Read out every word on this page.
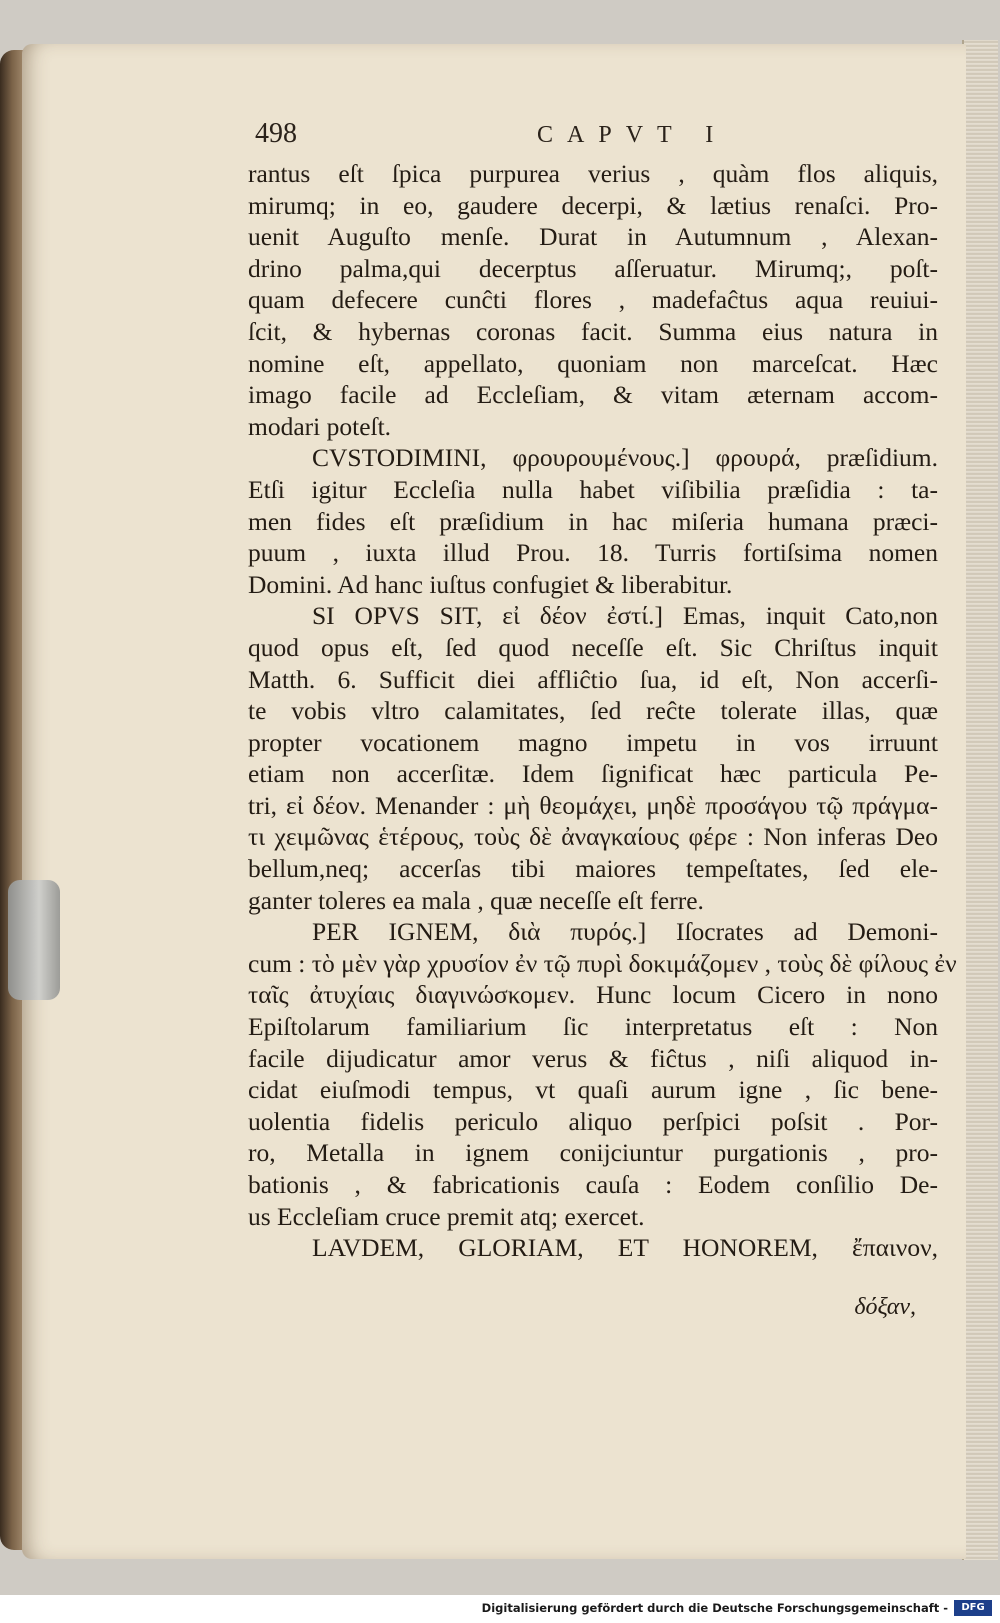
498	CAPVT I
rantus eſt ſpica purpurea verius , quàm flos aliquis,
mirumq; in eo, gaudere decerpi, & lætius renaſci. Pro-
uenit Auguſto menſe. Durat in Autumnum , Alexan-
drino palma,qui decerptus aſſeruatur. Mirumq;, poſt-
quam defecere cunĉti flores , madefaĉtus aqua reuiui-
ſcit, & hybernas coronas facit. Summa eius natura in
nomine eſt, appellato, quoniam non marceſcat. Hæc
imago facile ad Eccleſiam, & vitam æternam accom-
modari poteſt.
CVSTODIMINI, φρουρουμένους.] φρουρά, præſidium.
Etſi igitur Eccleſia nulla habet viſibilia præſidia : ta-
men fides eſt præſidium in hac miſeria humana præci-
puum , iuxta illud Prou. 18. Turris fortiſsima nomen
Domini. Ad hanc iuſtus confugiet & liberabitur.
SI OPVS SIT, εἰ δέον ἐστί.] Emas, inquit Cato,non
quod opus eſt, ſed quod neceſſe eſt. Sic Chriſtus inquit
Matth. 6. Sufficit diei affliĉtio ſua, id eſt, Non accerſi-
te vobis vltro calamitates, ſed reĉte tolerate illas, quæ
propter vocationem magno impetu in vos irruunt
etiam non accerſitæ. Idem ſignificat hæc particula Pe-
tri, εἰ δέον. Menander : μὴ θεομάχει, μηδὲ προσάγου τῷ πράγμα-
τι χειμῶνας ἑτέρους, τοὺς δὲ ἀναγκαίους φέρε : Non inferas Deo
bellum,neq; accerſas tibi maiores tempeſtates, ſed ele-
ganter toleres ea mala , quæ neceſſe eſt ferre.
PER IGNEM, διὰ πυρός.] Iſocrates ad Demoni-
cum : τὸ μὲν γὰρ χρυσίον ἐν τῷ πυρὶ δοκιμάζομεν , τοὺς δὲ φίλους ἐν
ταῖς ἀτυχίαις διαγινώσκομεν. Hunc locum Cicero in nono
Epiſtolarum familiarium ſic interpretatus eſt : Non
facile dijudicatur amor verus & fiĉtus , niſi aliquod in-
cidat eiuſmodi tempus, vt quaſi aurum igne , ſic bene-
uolentia fidelis periculo aliquo perſpici poſsit . Por-
ro, Metalla in ignem conijciuntur purgationis , pro-
bationis , & fabricationis cauſa : Eodem conſilio De-
us Eccleſiam cruce premit atq; exercet.
LAVDEM, GLORIAM, ET HONOREM, ἔπαινον,
δόξαν,
Digitalisierung gefördert durch die Deutsche Forschungsgemeinschaft -	DFG
